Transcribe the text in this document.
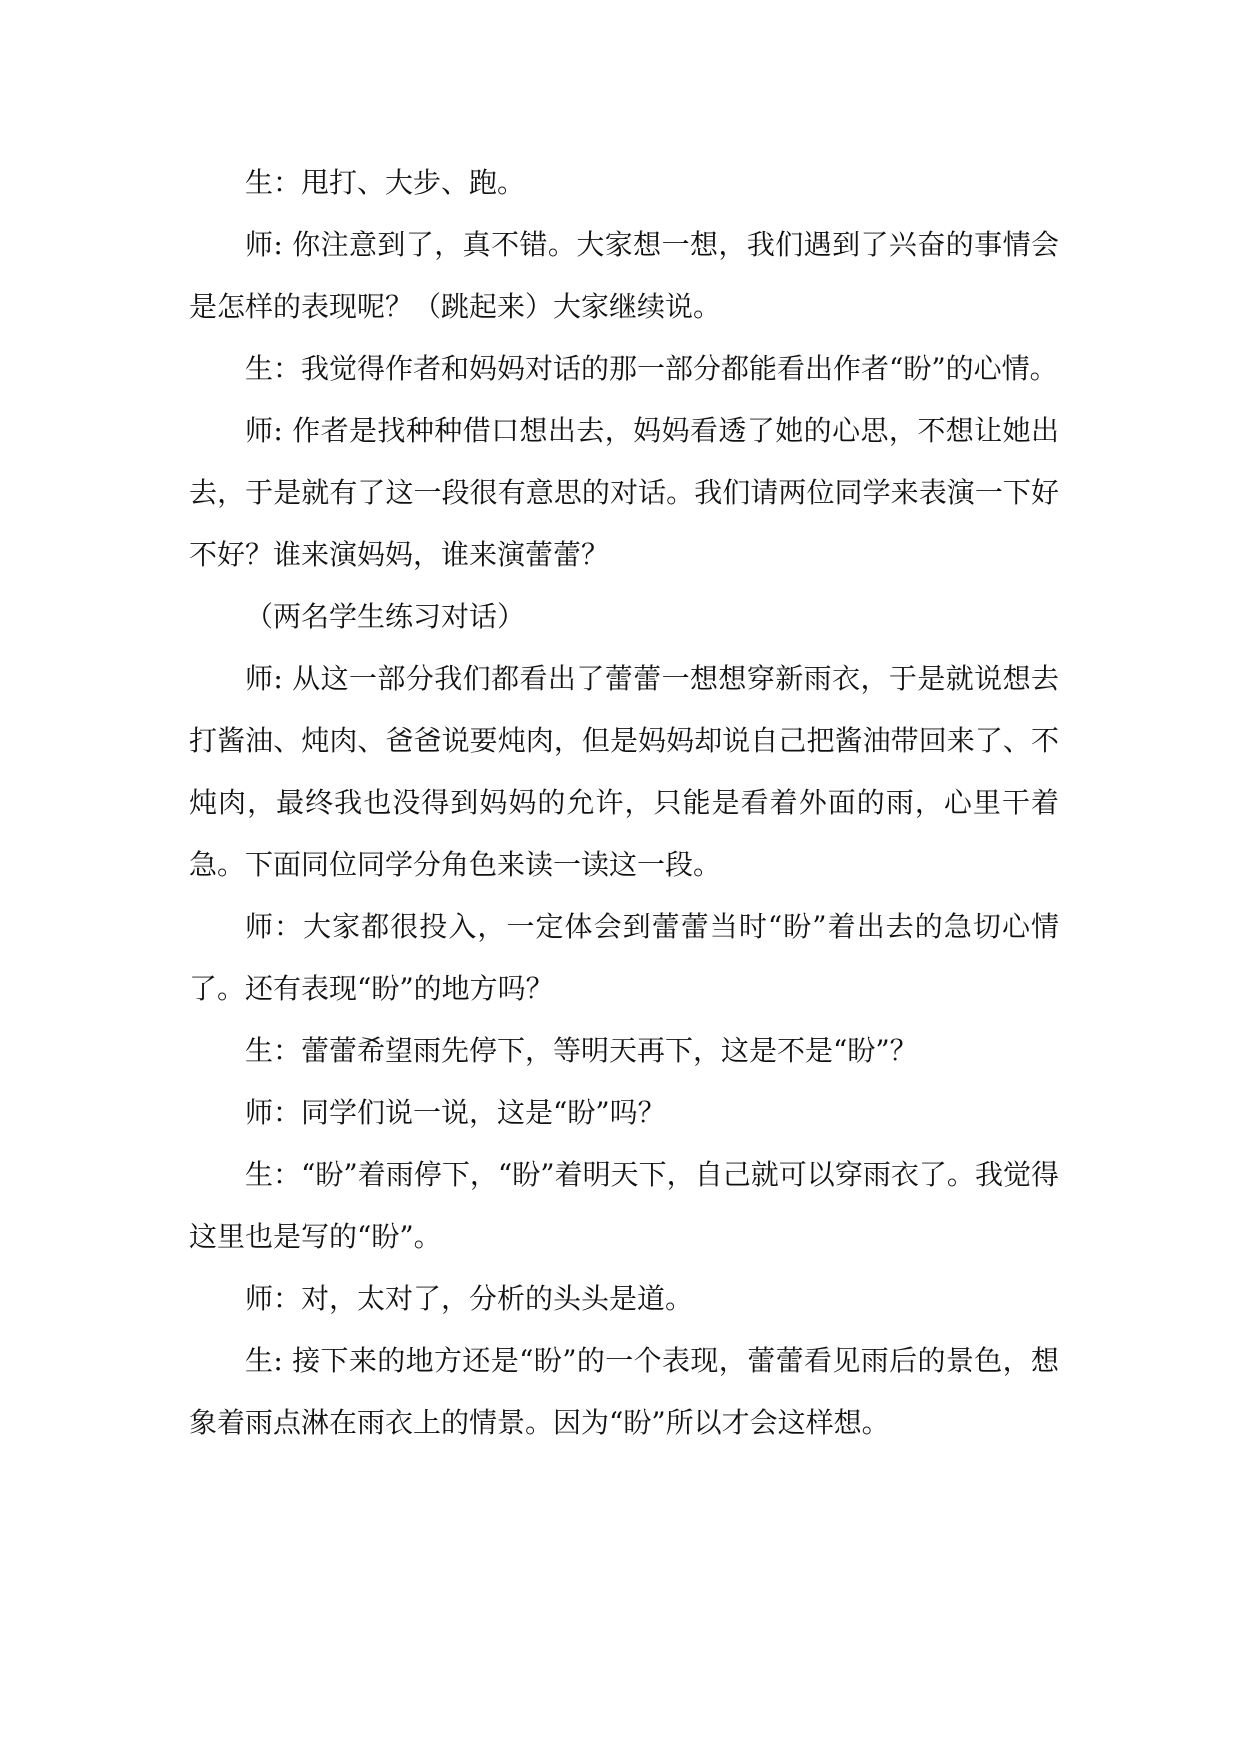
生：甩打、大步、跑。

师: 你注意到了，真不错。大家想一想，我们遇到了兴奋的事情会是怎样的表现呢？（跳起来）大家继续说。

生：我觉得作者和妈妈对话的那一部分都能看出作者“盼”的心情。

师: 作者是找种种借口想出去，妈妈看透了她的心思，不想让她出去，于是就有了这一段很有意思的对话。我们请两位同学来表演一下好不好？谁来演妈妈，谁来演蕾蕾？

（两名学生练习对话）

师: 从这一部分我们都看出了蕾蕾一想想穿新雨衣，于是就说想去打酱油、炖肉、爸爸说要炖肉，但是妈妈却说自己把酱油带回来了、不炖肉，最终我也没得到妈妈的允许，只能是看着外面的雨，心里干着急。下面同位同学分角色来读一读这一段。

师：大家都很投入，一定体会到蕾蕾当时“盼”着出去的急切心情了。还有表现“盼”的地方吗？

生：蕾蕾希望雨先停下，等明天再下，这是不是“盼”？

师：同学们说一说，这是“盼”吗？

生：“盼”着雨停下，“盼”着明天下，自己就可以穿雨衣了。我觉得这里也是写的“盼”。

师：对，太对了，分析的头头是道。

生: 接下来的地方还是“盼”的一个表现，蕾蕾看见雨后的景色，想象着雨点淋在雨衣上的情景。因为“盼”所以才会这样想。
